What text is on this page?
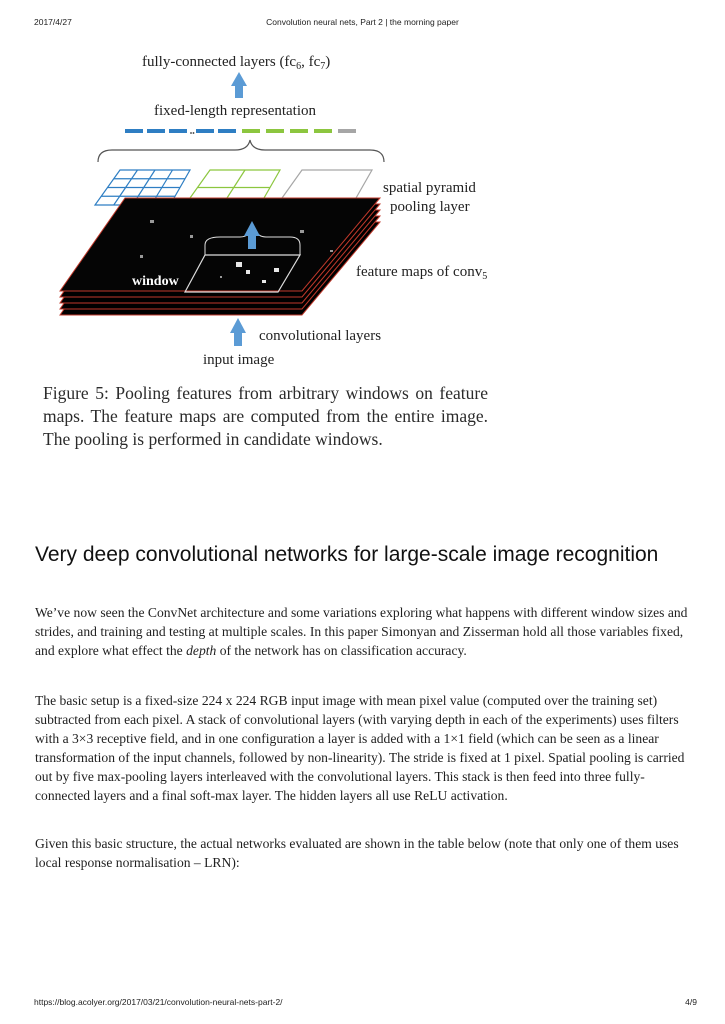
2017/4/27	Convolution neural nets, Part 2 | the morning paper
fully-connected layers ($fc_6$, $fc_7$)
fixed-length representation
spatial pyramid
pooling layer
window
feature maps of conv$_5$
convolutional layers
input image
Figure 5: Pooling features from arbitrary windows on feature maps. The feature maps are computed from the entire image. The pooling is performed in candidate windows.
Very deep convolutional networks for large-scale image recognition

We’ve now seen the ConvNet architecture and some variations exploring what happens with different window sizes and strides, and training and testing at multiple scales. In this paper Simonyan and Zisserman hold all those variables fixed, and explore what effect the depth of the network has on classification accuracy.

The basic setup is a fixed-size 224 x 224 RGB input image with mean pixel value (computed over the training set) subtracted from each pixel. A stack of convolutional layers (with varying depth in each of the experiments) uses filters with a 3×3 receptive field, and in one configuration a layer is added with a 1×1 field (which can be seen as a linear transformation of the input channels, followed by non-linearity). The stride is fixed at 1 pixel. Spatial pooling is carried out by five max-pooling layers interleaved with the convolutional layers. This stack is then feed into three fully-connected layers and a final soft-max layer. The hidden layers all use ReLU activation.

Given this basic structure, the actual networks evaluated are shown in the table below (note that only one of them uses local response normalisation – LRN):

https://blog.acolyer.org/2017/03/21/convolution-neural-nets-part-2/	4/9
